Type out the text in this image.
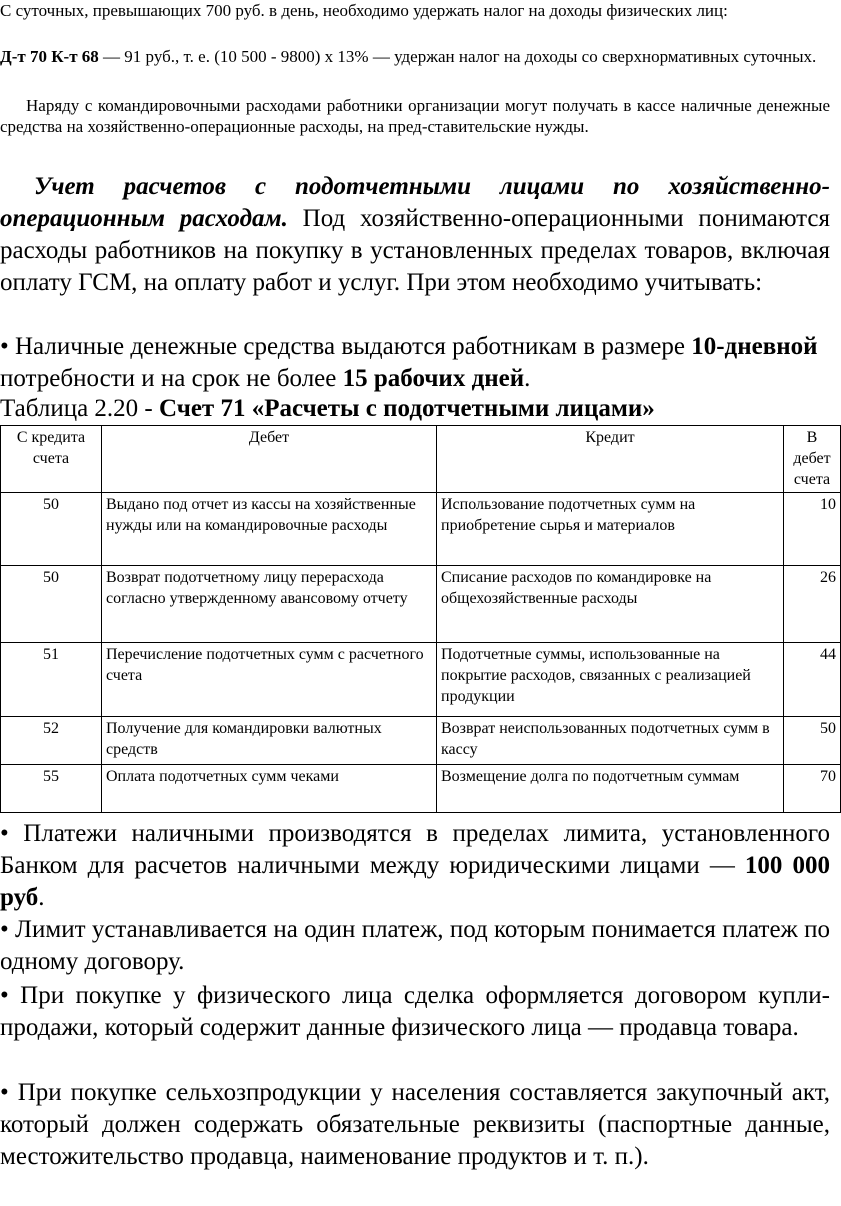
С суточных, превышающих 700 руб. в день, необходимо удержать налог на доходы физических лиц:

Д-т 70 К-т 68 — 91 руб., т. е. (10 500 - 9800) х 13% — удержан налог на доходы со сверхнормативных суточных.

Наряду с командировочными расходами работники организации могут получать в кассе наличные денежные средства на хозяйственно-операционные расходы, на пред-ставительские нужды.

Учет расчетов с подотчетными лицами по хозяйственно-операционным расходам. Под хозяйственно-операционными понимаются расходы работников на покупку в установленных пределах товаров, включая оплату ГСМ, на оплату работ и услуг. При этом необходимо учитывать:

• Наличные денежные средства выдаются работникам в размере 10-дневной потребности и на срок не более 15 рабочих дней.

Таблица 2.20 - Счет 71 «Расчеты с подотчетными лицами»

С кредита счета	Дебет	Кредит	В дебет счета
50	Выдано под отчет из кассы на хозяйственные нужды или на командировочные расходы	Использование подотчетных сумм на приобретение сырья и материалов	10
50	Возврат подотчетному лицу перерасхода согласно утвержденному авансовому отчету	Списание расходов по командировке на общехозяйственные расходы	26
51	Перечисление подотчетных сумм с расчетного счета	Подотчетные суммы, использованные на покрытие расходов, связанных с реализацией продукции	44
52	Получение для командировки валютных средств	Возврат неиспользованных подотчетных сумм в кассу	50
55	Оплата подотчетных сумм чеками	Возмещение долга по подотчетным суммам	70

• Платежи наличными производятся в пределах лимита, установленного Банком для расчетов наличными между юридическими лицами — 100 000 руб.

• Лимит устанавливается на один платеж, под которым понимается платеж по одному договору.

• При покупке у физического лица сделка оформляется договором купли-продажи, который содержит данные физического лица — продавца товара.

• При покупке сельхозпродукции у населения составляется закупочный акт, который должен содержать обязательные реквизиты (паспортные данные, местожительство продавца, наименование продуктов и т. п.).
